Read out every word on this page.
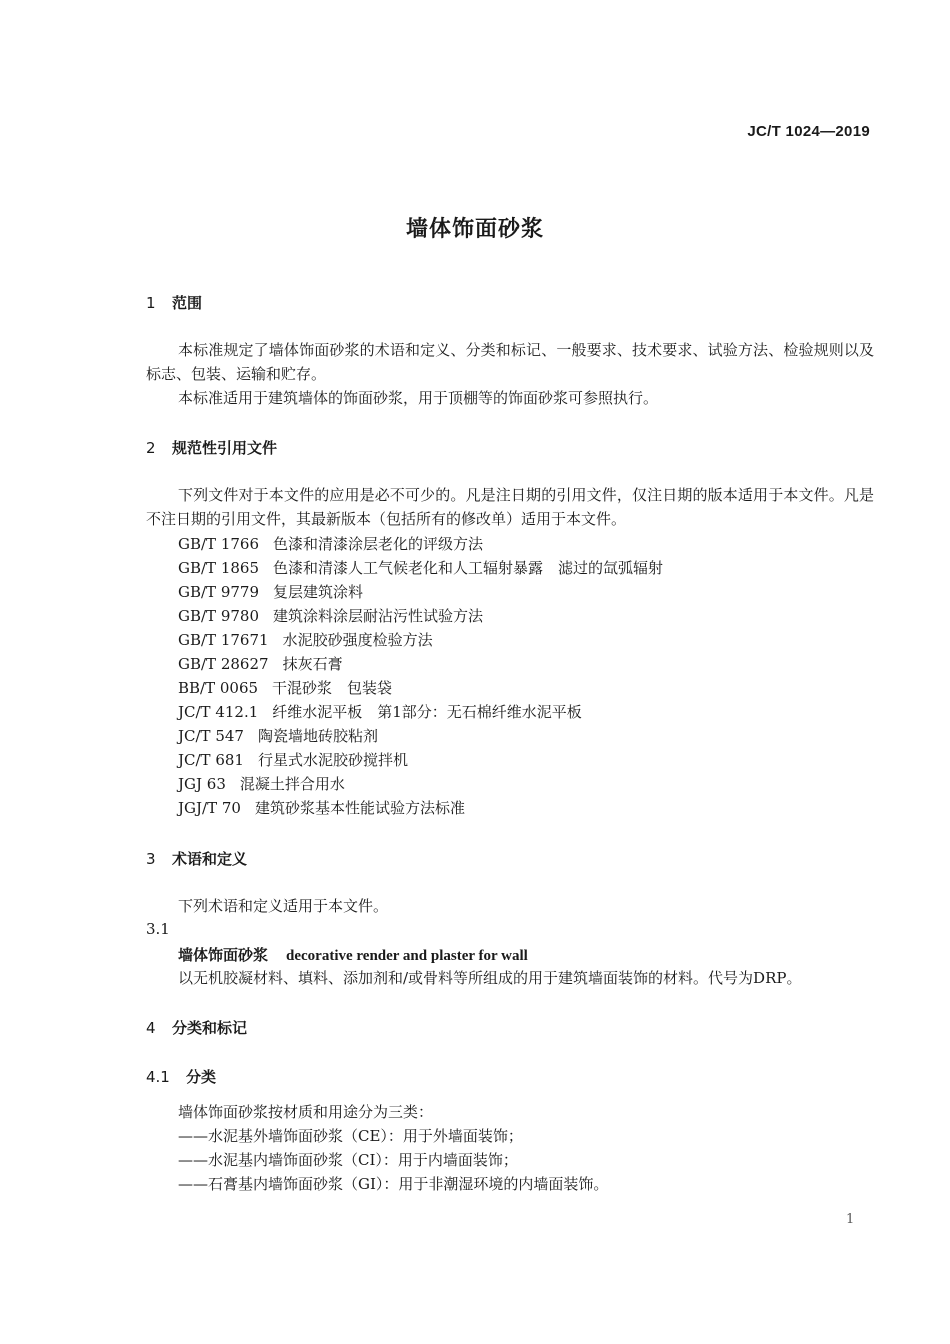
JC/T 1024—2019
墙体饰面砂浆
1 范围
本标准规定了墙体饰面砂浆的术语和定义、分类和标记、一般要求、技术要求、试验方法、检验规则以及标志、包装、运输和贮存。
本标准适用于建筑墙体的饰面砂浆，用于顶棚等的饰面砂浆可参照执行。
2 规范性引用文件
下列文件对于本文件的应用是必不可少的。凡是注日期的引用文件，仅注日期的版本适用于本文件。凡是不注日期的引用文件，其最新版本（包括所有的修改单）适用于本文件。
GB/T 1766 色漆和清漆涂层老化的评级方法
GB/T 1865 色漆和清漆人工气候老化和人工辐射暴露　滤过的氙弧辐射
GB/T 9779 复层建筑涂料
GB/T 9780 建筑涂料涂层耐沾污性试验方法
GB/T 17671 水泥胶砂强度检验方法
GB/T 28627 抹灰石膏
BB/T 0065 干混砂浆　包装袋
JC/T 412.1 纤维水泥平板　第1部分：无石棉纤维水泥平板
JC/T 547 陶瓷墙地砖胶粘剂
JC/T 681 行星式水泥胶砂搅拌机
JGJ 63 混凝土拌合用水
JGJ/T 70 建筑砂浆基本性能试验方法标准
3 术语和定义
下列术语和定义适用于本文件。
3.1
墙体饰面砂浆 decorative render and plaster for wall
以无机胶凝材料、填料、添加剂和/或骨料等所组成的用于建筑墙面装饰的材料。代号为DRP。
4 分类和标记
4.1 分类
墙体饰面砂浆按材质和用途分为三类：
——水泥基外墙饰面砂浆（CE）：用于外墙面装饰；
——水泥基内墙饰面砂浆（CI）：用于内墙面装饰；
——石膏基内墙饰面砂浆（GI）：用于非潮湿环境的内墙面装饰。
1
